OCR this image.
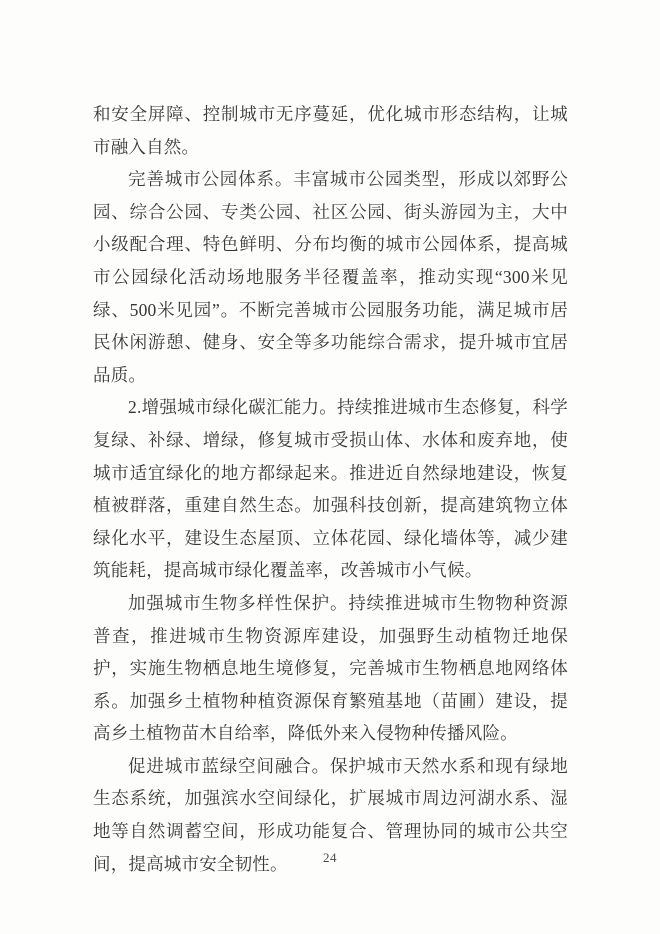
和安全屏障、控制城市无序蔓延，优化城市形态结构，让城市融入自然。

完善城市公园体系。丰富城市公园类型，形成以郊野公园、综合公园、专类公园、社区公园、街头游园为主，大中小级配合理、特色鲜明、分布均衡的城市公园体系，提高城市公园绿化活动场地服务半径覆盖率，推动实现“300米见绿、500米见园”。不断完善城市公园服务功能，满足城市居民休闲游憩、健身、安全等多功能综合需求，提升城市宜居品质。

2.增强城市绿化碳汇能力。持续推进城市生态修复，科学复绿、补绿、增绿，修复城市受损山体、水体和废弃地，使城市适宜绿化的地方都绿起来。推进近自然绿地建设，恢复植被群落，重建自然生态。加强科技创新，提高建筑物立体绿化水平，建设生态屋顶、立体花园、绿化墙体等，减少建筑能耗，提高城市绿化覆盖率，改善城市小气候。

加强城市生物多样性保护。持续推进城市生物物种资源普查，推进城市生物资源库建设，加强野生动植物迁地保护，实施生物栖息地生境修复，完善城市生物栖息地网络体系。加强乡土植物种植资源保育繁殖基地（苗圃）建设，提高乡土植物苗木自给率，降低外来入侵物种传播风险。

促进城市蓝绿空间融合。保护城市天然水系和现有绿地生态系统，加强滨水空间绿化，扩展城市周边河湖水系、湿地等自然调蓄空间，形成功能复合、管理协同的城市公共空间，提高城市安全韧性。	24
